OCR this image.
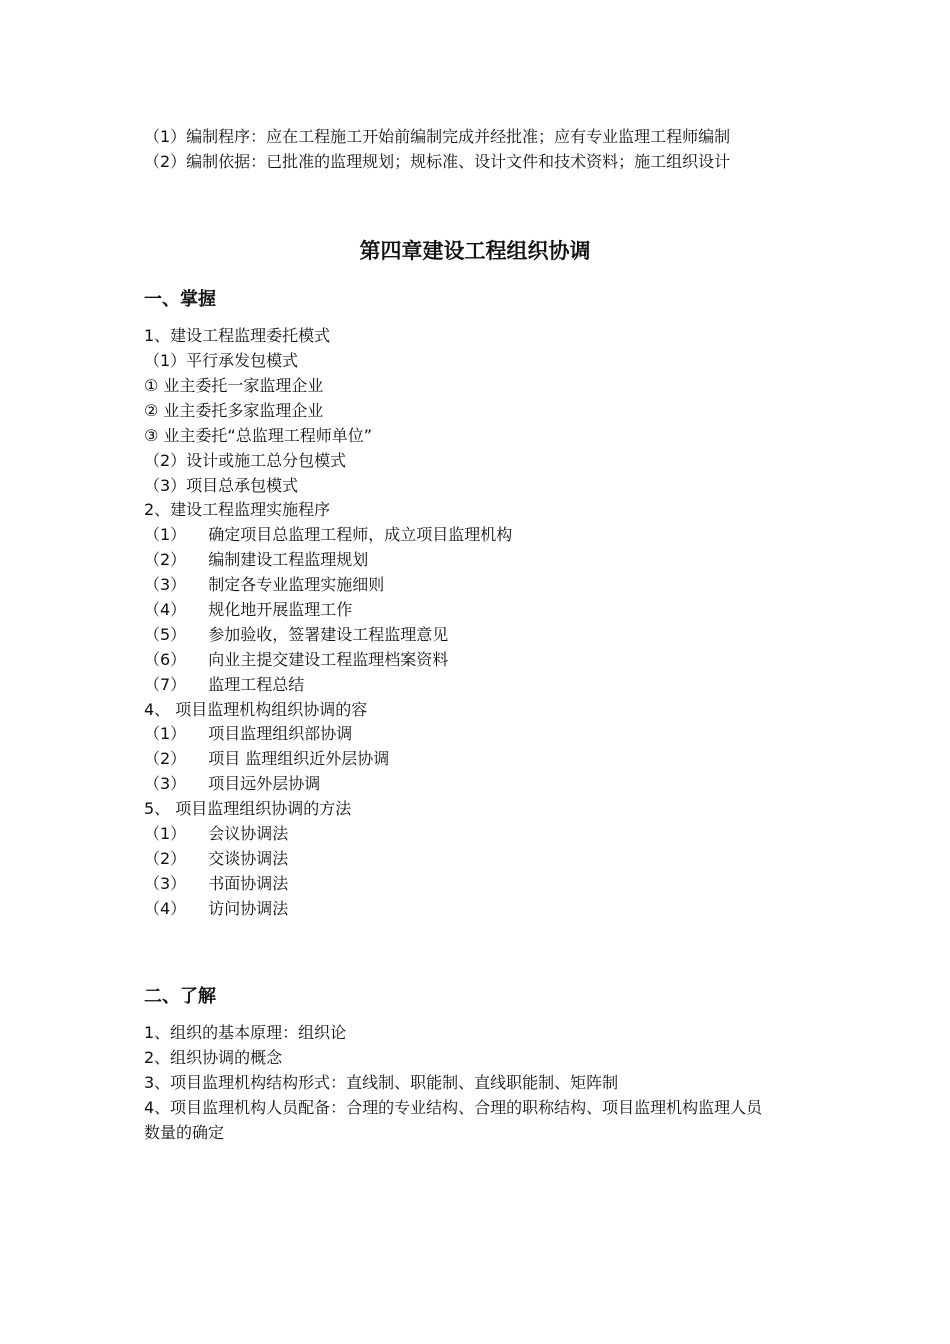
（1）编制程序：应在工程施工开始前编制完成并经批准；应有专业监理工程师编制
（2）编制依据：已批准的监理规划；规标准、设计文件和技术资料；施工组织设计
第四章建设工程组织协调
一、掌握
1、建设工程监理委托模式
（1）平行承发包模式
① 业主委托一家监理企业
② 业主委托多家监理企业
③ 业主委托“总监理工程师单位”
（2）设计或施工总分包模式
（3）项目总承包模式
2、建设工程监理实施程序
（1） 确定项目总监理工程师，成立项目监理机构
（2） 编制建设工程监理规划
（3） 制定各专业监理实施细则
（4） 规化地开展监理工作
（5） 参加验收，签署建设工程监理意见
（6） 向业主提交建设工程监理档案资料
（7） 监理工程总结
4、 项目监理机构组织协调的容
（1） 项目监理组织部协调
（2） 项目 监理组织近外层协调
（3） 项目远外层协调
5、 项目监理组织协调的方法
（1） 会议协调法
（2） 交谈协调法
（3） 书面协调法
（4） 访问协调法
二、了解
1、组织的基本原理：组织论
2、组织协调的概念
3、项目监理机构结构形式：直线制、职能制、直线职能制、矩阵制
4、项目监理机构人员配备：合理的专业结构、合理的职称结构、项目监理机构监理人员
数量的确定
